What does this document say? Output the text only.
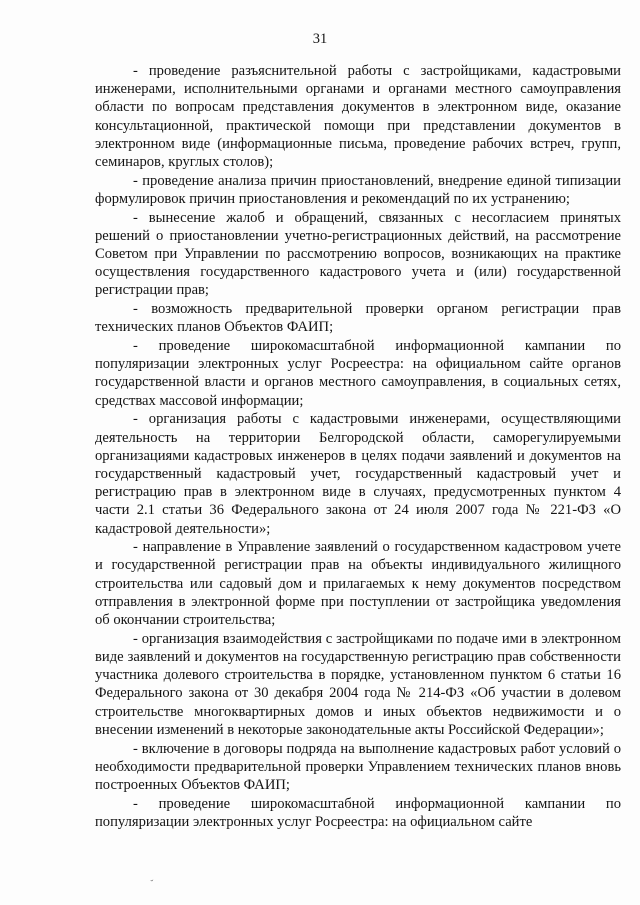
31

- проведение разъяснительной работы с застройщиками, кадастровыми инженерами, исполнительными органами и органами местного самоуправления области по вопросам представления документов в электронном виде, оказание консультационной, практической помощи при представлении документов в электронном виде (информационные письма, проведение рабочих встреч, групп, семинаров, круглых столов);

- проведение анализа причин приостановлений, внедрение единой типизации формулировок причин приостановления и рекомендаций по их устранению;

- вынесение жалоб и обращений, связанных с несогласием принятых решений о приостановлении учетно-регистрационных действий, на рассмотрение Советом при Управлении по рассмотрению вопросов, возникающих на практике осуществления государственного кадастрового учета и (или) государственной регистрации прав;

- возможность предварительной проверки органом регистрации прав технических планов Объектов ФАИП;

- проведение широкомасштабной информационной кампании по популяризации электронных услуг Росреестра: на официальном сайте органов государственной власти и органов местного самоуправления, в социальных сетях, средствах массовой информации;

- организация работы с кадастровыми инженерами, осуществляющими деятельность на территории Белгородской области, саморегулируемыми организациями кадастровых инженеров в целях подачи заявлений и документов на государственный кадастровый учет, государственный кадастровый учет и регистрацию прав в электронном виде в случаях, предусмотренных пунктом 4 части 2.1 статьи 36 Федерального закона от 24 июля 2007 года № 221-ФЗ «О кадастровой деятельности»;

- направление в Управление заявлений о государственном кадастровом учете и государственной регистрации прав на объекты индивидуального жилищного строительства или садовый дом и прилагаемых к нему документов посредством отправления в электронной форме при поступлении от застройщика уведомления об окончании строительства;

- организация взаимодействия с застройщиками по подаче ими в электронном виде заявлений и документов на государственную регистрацию прав собственности участника долевого строительства в порядке, установленном пунктом 6 статьи 16 Федерального закона от 30 декабря 2004 года № 214-ФЗ «Об участии в долевом строительстве многоквартирных домов и иных объектов недвижимости и о внесении изменений в некоторые законодательные акты Российской Федерации»;

- включение в договоры подряда на выполнение кадастровых работ условий о необходимости предварительной проверки Управлением технических планов вновь построенных Объектов ФАИП;

- проведение широкомасштабной информационной кампании по популяризации электронных услуг Росреестра: на официальном сайте

ˇ
